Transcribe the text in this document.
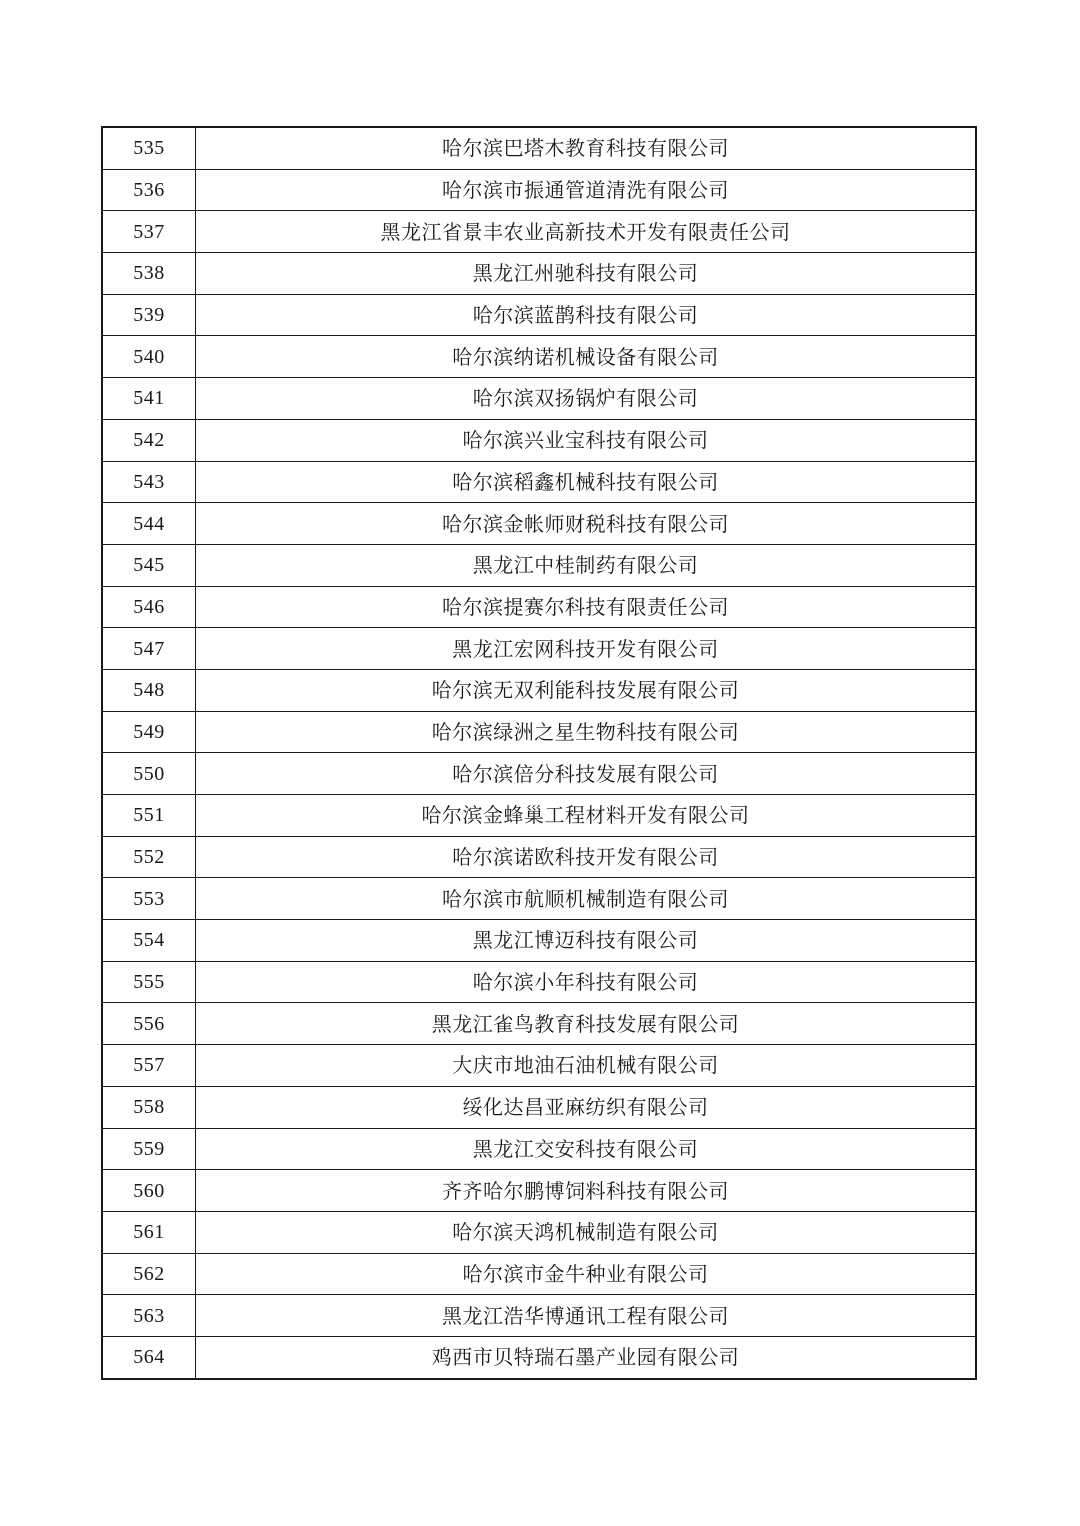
535	哈尔滨巴塔木教育科技有限公司
536	哈尔滨市振通管道清洗有限公司
537	黑龙江省景丰农业高新技术开发有限责任公司
538	黑龙江州驰科技有限公司
539	哈尔滨蓝鹊科技有限公司
540	哈尔滨纳诺机械设备有限公司
541	哈尔滨双扬锅炉有限公司
542	哈尔滨兴业宝科技有限公司
543	哈尔滨稻鑫机械科技有限公司
544	哈尔滨金帐师财税科技有限公司
545	黑龙江中桂制药有限公司
546	哈尔滨提赛尔科技有限责任公司
547	黑龙江宏网科技开发有限公司
548	哈尔滨无双利能科技发展有限公司
549	哈尔滨绿洲之星生物科技有限公司
550	哈尔滨倍分科技发展有限公司
551	哈尔滨金蜂巢工程材料开发有限公司
552	哈尔滨诺欧科技开发有限公司
553	哈尔滨市航顺机械制造有限公司
554	黑龙江博迈科技有限公司
555	哈尔滨小年科技有限公司
556	黑龙江雀鸟教育科技发展有限公司
557	大庆市地油石油机械有限公司
558	绥化达昌亚麻纺织有限公司
559	黑龙江交安科技有限公司
560	齐齐哈尔鹏博饲料科技有限公司
561	哈尔滨天鸿机械制造有限公司
562	哈尔滨市金牛种业有限公司
563	黑龙江浩华博通讯工程有限公司
564	鸡西市贝特瑞石墨产业园有限公司
